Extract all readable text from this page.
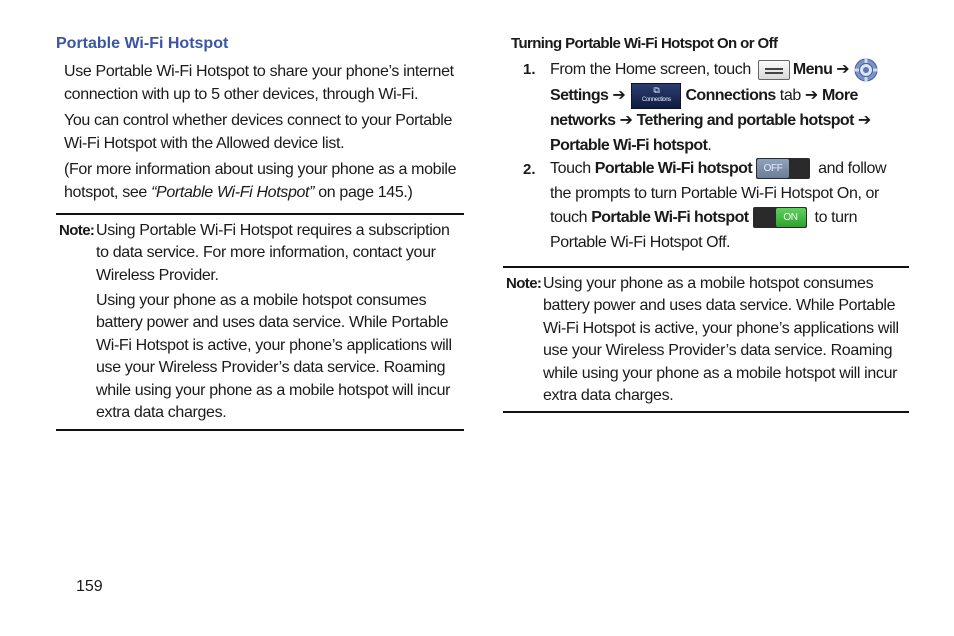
Portable Wi-Fi Hotspot
Use Portable Wi-Fi Hotspot to share your phone’s internet connection with up to 5 other devices, through Wi-Fi.
You can control whether devices connect to your Portable Wi-Fi Hotspot with the Allowed device list.
(For more information about using your phone as a mobile hotspot, see “Portable Wi-Fi Hotspot” on page 145.)
Note: Using Portable Wi-Fi Hotspot requires a subscription to data service. For more information, contact your Wireless Provider.
Using your phone as a mobile hotspot consumes battery power and uses data service. While Portable Wi-Fi Hotspot is active, your phone’s applications will use your Wireless Provider’s data service. Roaming while using your phone as a mobile hotspot will incur extra data charges.
Turning Portable Wi-Fi Hotspot On or Off
1. From the Home screen, touch Menu ➔ Settings ➔	⧉
Connections Connections tab ➔ More networks ➔ Tethering and portable hotspot ➔ Portable Wi-Fi hotspot.
2. Touch Portable Wi-Fi hotspot	OFF	and follow the prompts to turn Portable Wi-Fi Hotspot On, or touch Portable Wi-Fi hotspot	ON to turn Portable Wi-Fi Hotspot Off.
Note: Using your phone as a mobile hotspot consumes battery power and uses data service. While Portable Wi-Fi Hotspot is active, your phone’s applications will use your Wireless Provider’s data service. Roaming while using your phone as a mobile hotspot will incur extra data charges.
159
